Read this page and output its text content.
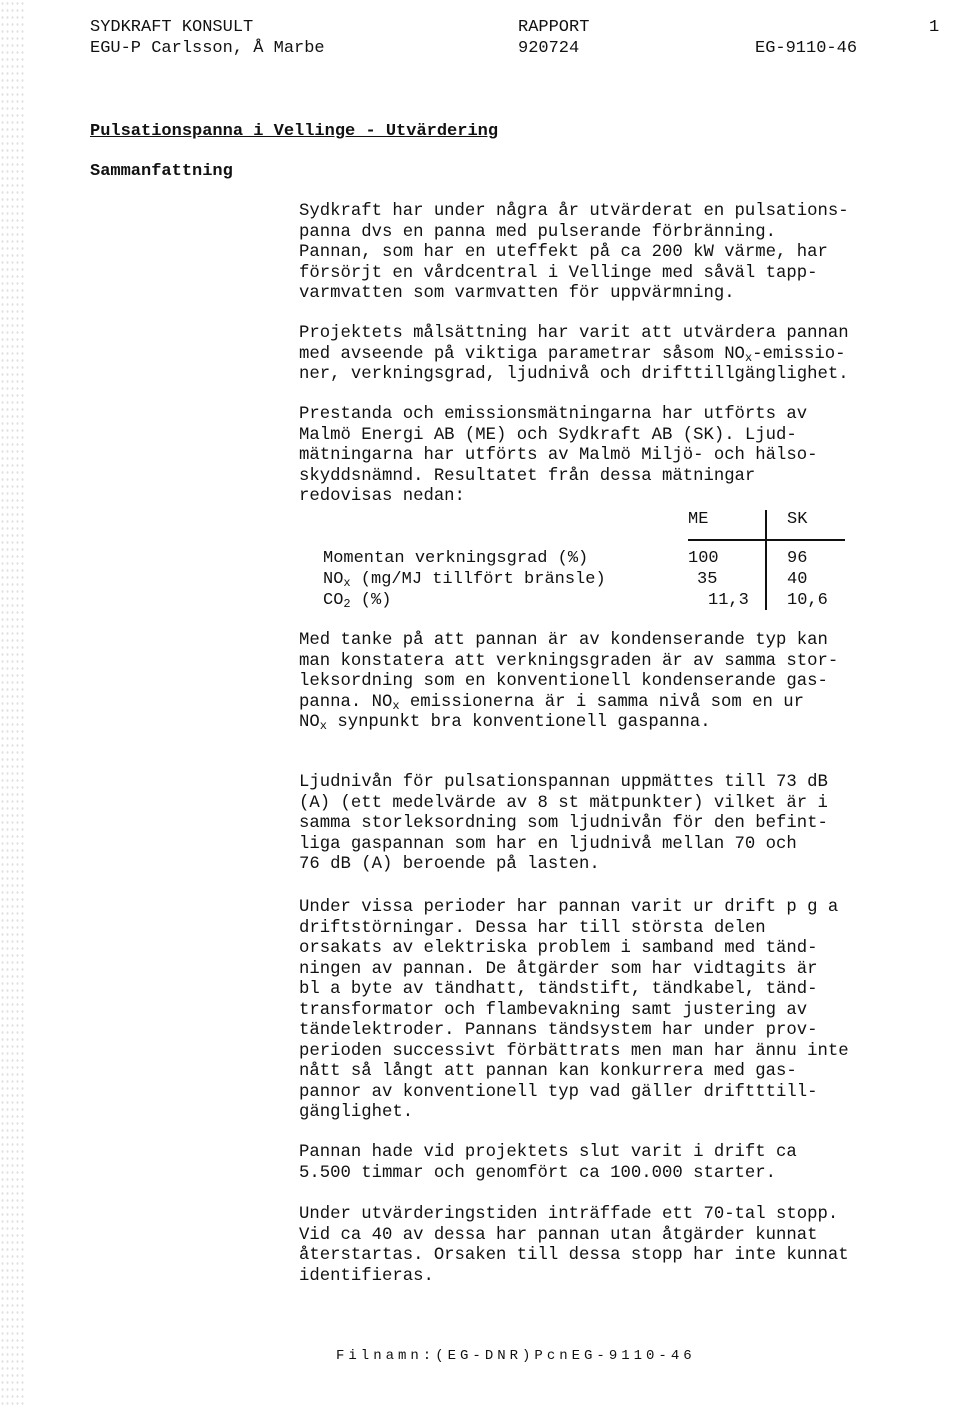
SYDKRAFT KONSULT
EGU-P Carlsson, Å Marbe
RAPPORT
920724
1
EG-9110-46
Pulsationspanna i Vellinge - Utvärdering
Sammanfattning
Sydkraft har under några år utvärderat en pulsations-
panna dvs en panna med pulserande förbränning.
Pannan, som har en uteffekt på ca 200 kW värme, har
försörjt en vårdcentral i Vellinge med såväl tapp-
varmvatten som varmvatten för uppvärmning.
Projektets målsättning har varit att utvärdera pannan
med avseende på viktiga parametrar såsom $NO_x-emissio-$
ner, verkningsgrad, ljudnivå och drifttillgänglighet.
Prestanda och emissionsmätningarna har utförts av
Malmö Energi AB (ME) och Sydkraft AB (SK). Ljud-
mätningarna har utförts av Malmö Miljö- och hälso-
skyddsnämnd. Resultatet från dessa mätningar
redovisas nedan:
ME	SK
Momentan verkningsgrad (%)	100	96
$NO_x$ (mg/MJ tillfört bränsle)	35	40
$CO_2$ (%)	11,3 10,6
Med tanke på att pannan är av kondenserande typ kan
man konstatera att verkningsgraden är av samma stor-
leksordning som en konventionell kondenserande gas-
panna. $NO_x$ emissionerna är i samma nivå som en ur
$NO_x$ synpunkt bra konventionell gaspanna.
Ljudnivån för pulsationspannan uppmättes till 73 dB
(A) (ett medelvärde av 8 st mätpunkter) vilket är i
samma storleksordning som ljudnivån för den befint-
liga gaspannan som har en ljudnivå mellan 70 och
76 dB (A) beroende på lasten.
Under vissa perioder har pannan varit ur drift p g a
driftstörningar. Dessa har till största delen
orsakats av elektriska problem i samband med tänd-
ningen av pannan. De åtgärder som har vidtagits är
bl a byte av tändhatt, tändstift, tändkabel, tänd-
transformator och flambevakning samt justering av
tändelektroder. Pannans tändsystem har under prov-
perioden successivt förbättrats men man har ännu inte
nått så långt att pannan kan konkurrera med gas-
pannor av konventionell typ vad gäller driftttill-
gänglighet.
Pannan hade vid projektets slut varit i drift ca
5.500 timmar och genomfört ca 100.000 starter.
Under utvärderingstiden inträffade ett 70-tal stopp.
Vid ca 40 av dessa har pannan utan åtgärder kunnat
återstartas. Orsaken till dessa stopp har inte kunnat
identifieras.
Filnamn:(EG-DNR)PcnEG-9110-46
